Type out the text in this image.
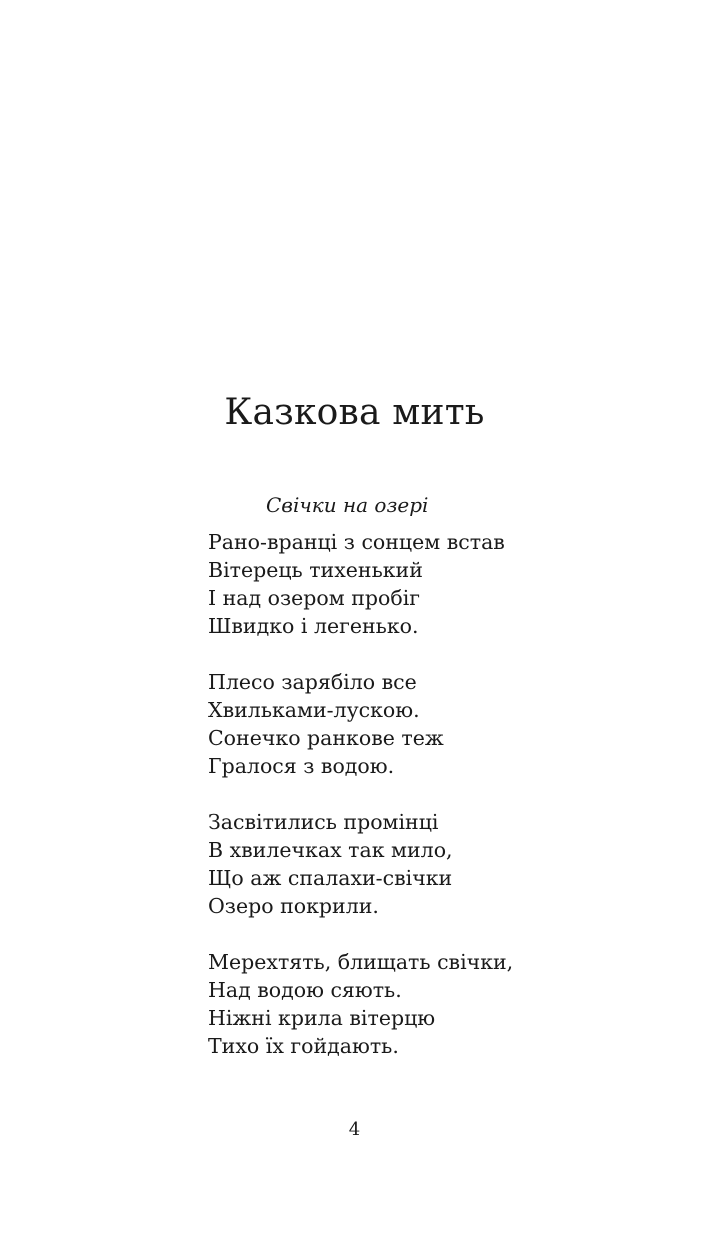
Казкова мить
Свічки на озері
Рано-вранці з сонцем встав
Вітерець тихенький
І над озером пробіг
Швидко і легенько.
Плесо зарябіло все
Хвильками-лускою.
Сонечко ранкове теж
Гралося з водою.
Засвітились промінці
В хвилечках так мило,
Що аж спалахи-свічки
Озеро покрили.
Мерехтять, блищать свічки,
Над водою сяють.
Ніжні крила вітерцю
Тихо їх гойдають.

4
